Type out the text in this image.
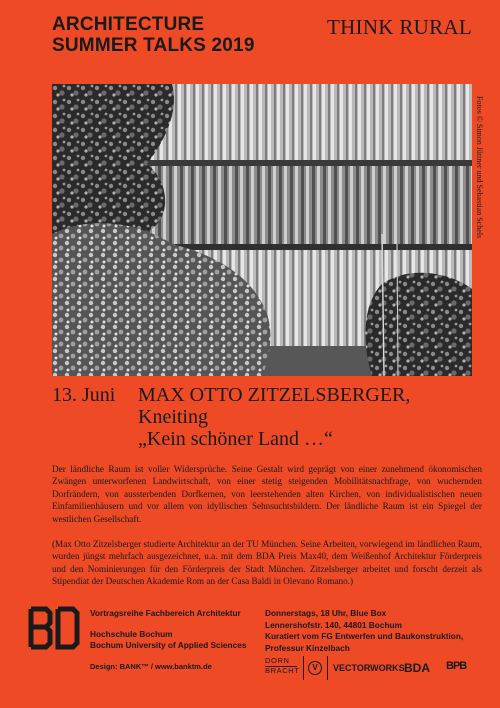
ARCHITECTURE
SUMMER TALKS 2019
THINK RURAL
Fotos © Simon Jüttner und Sebastian Schels
13. Juni MAX OTTO ZITZELSBERGER,
Kneiting
„Kein schöner Land …“
Der ländliche Raum ist voller Widersprüche. Seine Gestalt wird geprägt von einer zunehmend ökonomischen Zwängen unterworfenen Landwirtschaft, von einer stetig steigenden Mobilitätsnachfrage, von wuchernden Dorfrändern, von aussterbenden Dorfkernen, von leerstehenden alten Kirchen, von individualistischen neuen Einfamilienhäusern und vor allem von idyllischen Sehnsuchtsbildern. Der ländliche Raum ist ein Spiegel der westlichen Gesellschaft.
(Max Otto Zitzelsberger studierte Architektur an der TU München. Seine Arbeiten, vorwiegend im ländlichen Raum, wurden jüngst mehrfach ausgezeichnet, u.a. mit dem BDA Preis Max40, dem Weißenhof Architektur Förderpreis und den Nominierungen für den Förderpreis der Stadt München. Zitzelsberger arbeitet und forscht derzeit als Stipendiat der Deutschen Akademie Rom an der Casa Baldi in Olevano Romano.)
Vortragsreihe Fachbereich Architektur
Hochschule Bochum
Bochum University of Applied Sciences
Design: BANK™ / www.banktm.de
Donnerstags, 18 Uhr, Blue Box
Lennershofstr. 140, 44801 Bochum
Kuratiert vom FG Entwerfen und Baukonstruktion,
Professur Kinzelbach
DORN
BRACHT	V	VECTORWORKS BDA BPB
